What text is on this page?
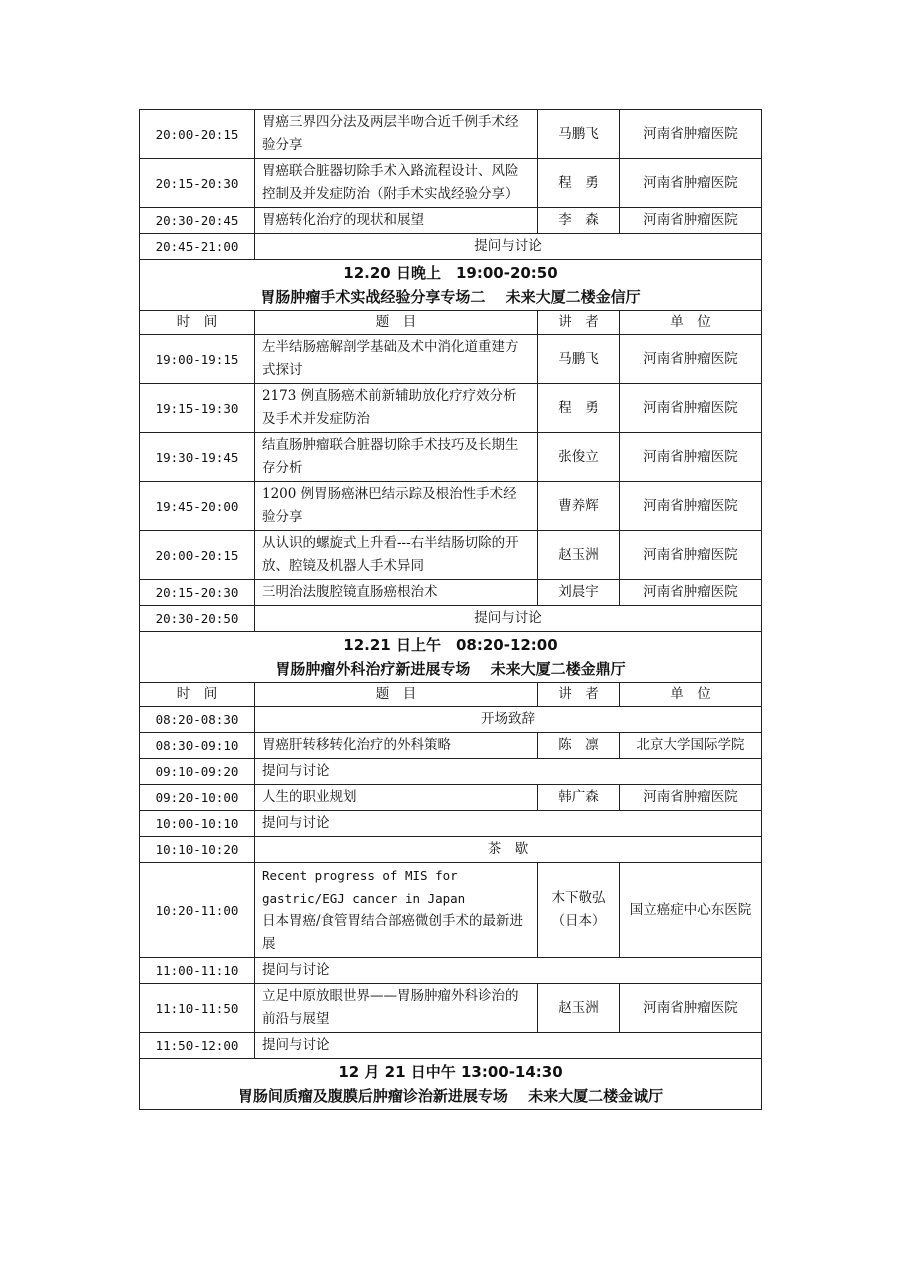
20:00-20:15	胃癌三界四分法及两层半吻合近千例手术经验分享	马鹏飞	河南省肿瘤医院
20:15-20:30	胃癌联合脏器切除手术入路流程设计、风险控制及并发症防治（附手术实战经验分享）	程　勇	河南省肿瘤医院
20:30-20:45	胃癌转化治疗的现状和展望	李　森	河南省肿瘤医院
20:45-21:00	提问与讨论		

12.20 日晚上　19:00-20:50
胃肠肿瘤手术实战经验分享专场二　 未来大厦二楼金信厅			

时　间	题　目	讲　者	单　位
19:00-19:15	左半结肠癌解剖学基础及术中消化道重建方式探讨	马鹏飞	河南省肿瘤医院
19:15-19:30	2173 例直肠癌术前新辅助放化疗疗效分析及手术并发症防治	程　勇	河南省肿瘤医院
19:30-19:45	结直肠肿瘤联合脏器切除手术技巧及长期生存分析	张俊立	河南省肿瘤医院
19:45-20:00	1200 例胃肠癌淋巴结示踪及根治性手术经验分享	曹养辉	河南省肿瘤医院
20:00-20:15	从认识的螺旋式上升看---右半结肠切除的开放、腔镜及机器人手术异同	赵玉洲	河南省肿瘤医院
20:15-20:30	三明治法腹腔镜直肠癌根治术	刘晨宇	河南省肿瘤医院
20:30-20:50	提问与讨论		

12.21 日上午　08:20-12:00
胃肠肿瘤外科治疗新进展专场　 未来大厦二楼金鼎厅			

时　间	题　目	讲　者	单　位
08:20-08:30	开场致辞		
08:30-09:10	胃癌肝转移转化治疗的外科策略	陈　凛	北京大学国际学院
09:10-09:20	提问与讨论		
09:20-10:00	人生的职业规划	韩广森	河南省肿瘤医院
10:00-10:10	提问与讨论		
10:10-10:20	茶　歇		
10:20-11:00	Recent progress of MIS for gastric/EGJ cancer in Japan
日本胃癌/食管胃结合部癌微创手术的最新进展	木下敬弘（日本）	国立癌症中心东医院
11:00-11:10	提问与讨论		
11:10-11:50	立足中原放眼世界——胃肠肿瘤外科诊治的前沿与展望	赵玉洲	河南省肿瘤医院
11:50-12:00	提问与讨论		

12 月 21 日中午 13:00-14:30
胃肠间质瘤及腹膜后肿瘤诊治新进展专场　 未来大厦二楼金诚厅			
